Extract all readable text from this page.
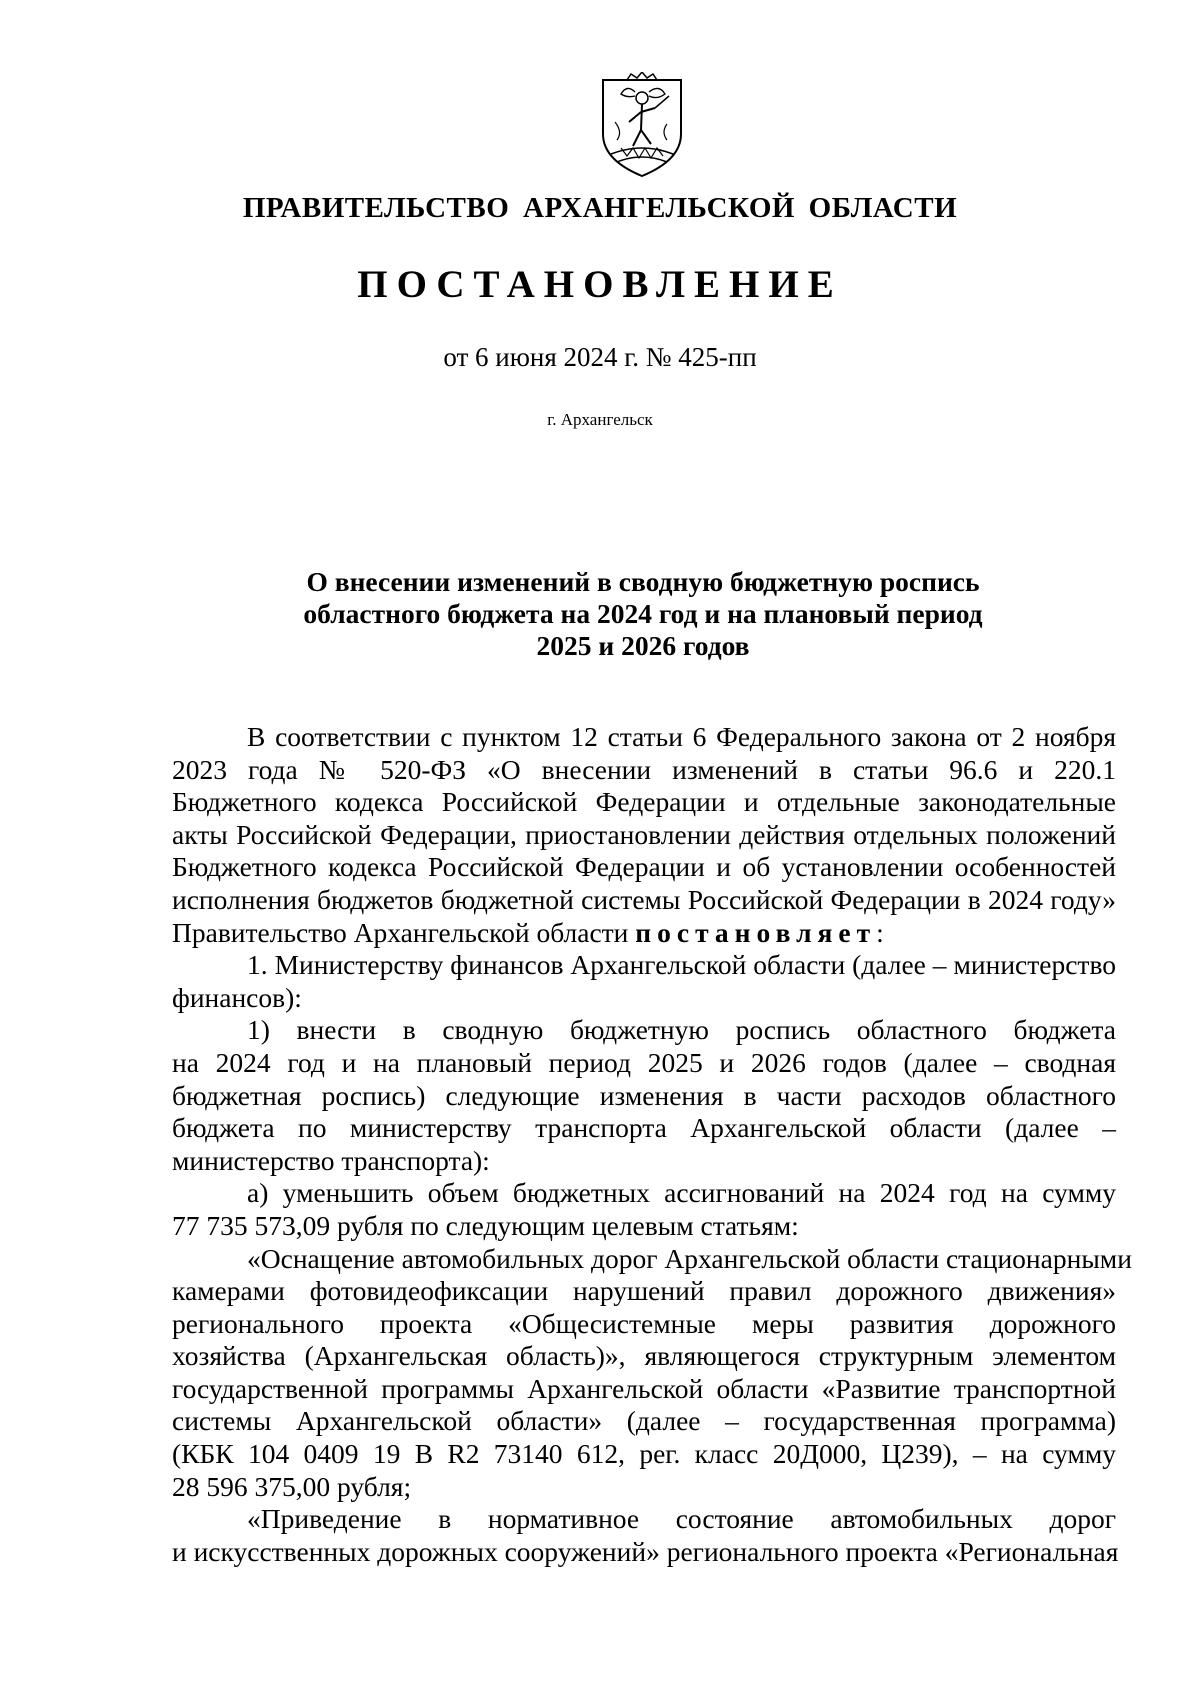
ПРАВИТЕЛЬСТВО АРХАНГЕЛЬСКОЙ ОБЛАСТИ
ПОСТАНОВЛЕНИЕ
от 6 июня 2024 г. № 425-пп
г. Архангельск
О внесении изменений в сводную бюджетную роспись
областного бюджета на 2024 год и на плановый период
2025 и 2026 годов
В соответствии с пунктом 12 статьи 6 Федерального закона от 2 ноября
2023 года № 520-ФЗ «О внесении изменений в статьи 96.6 и 220.1
Бюджетного кодекса Российской Федерации и отдельные законодательные
акты Российской Федерации, приостановлении действия отдельных положений
Бюджетного кодекса Российской Федерации и об установлении особенностей
исполнения бюджетов бюджетной системы Российской Федерации в 2024 году»
Правительство Архангельской области постановляет:
1. Министерству финансов Архангельской области (далее – министерство
финансов):
1) внести в сводную бюджетную роспись областного бюджета
на 2024 год и на плановый период 2025 и 2026 годов (далее – сводная
бюджетная роспись) следующие изменения в части расходов областного
бюджета по министерству транспорта Архангельской области (далее –
министерство транспорта):
а) уменьшить объем бюджетных ассигнований на 2024 год на сумму
77 735 573,09 рубля по следующим целевым статьям:
«Оснащение автомобильных дорог Архангельской области стационарными
камерами фотовидеофиксации нарушений правил дорожного движения»
регионального проекта «Общесистемные меры развития дорожного
хозяйства (Архангельская область)», являющегося структурным элементом
государственной программы Архангельской области «Развитие транспортной
системы Архангельской области» (далее – государственная программа)
(КБК 104 0409 19 В R2 73140 612, рег. класс 20Д000, Ц239), – на сумму
28 596 375,00 рубля;
«Приведение в нормативное состояние автомобильных дорог
и искусственных дорожных сооружений» регионального проекта «Региональная
